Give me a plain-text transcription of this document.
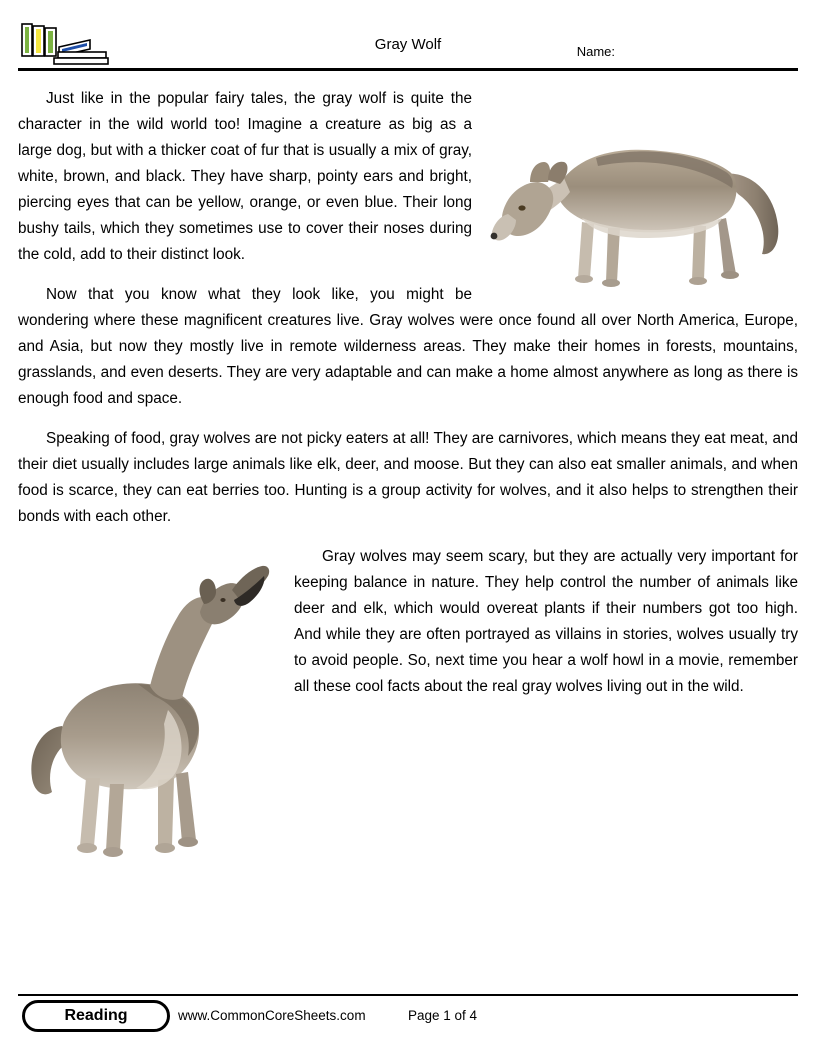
Gray Wolf	Name:

Just like in the popular fairy tales, the gray wolf is quite the character in the wild world too! Imagine a creature as big as a large dog, but with a thicker coat of fur that is usually a mix of gray, white, brown, and black. They have sharp, pointy ears and bright, piercing eyes that can be yellow, orange, or even blue. Their long bushy tails, which they sometimes use to cover their noses during the cold, add to their distinct look.

Now that you know what they look like, you might be wondering where these magnificent creatures live. Gray wolves were once found all over North America, Europe, and Asia, but now they mostly live in remote wilderness areas. They make their homes in forests, mountains, grasslands, and even deserts. They are very adaptable and can make a home almost anywhere as long as there is enough food and space.

Speaking of food, gray wolves are not picky eaters at all! They are carnivores, which means they eat meat, and their diet usually includes large animals like elk, deer, and moose. But they can also eat smaller animals, and when food is scarce, they can eat berries too. Hunting is a group activity for wolves, and it also helps to strengthen their bonds with each other.

Gray wolves may seem scary, but they are actually very important for keeping balance in nature. They help control the number of animals like deer and elk, which would overeat plants if their numbers got too high. And while they are often portrayed as villains in stories, wolves usually try to avoid people. So, next time you hear a wolf howl in a movie, remember all these cool facts about the real gray wolves living out in the wild.

Reading	www.CommonCoreSheets.com	Page 1 of 4
